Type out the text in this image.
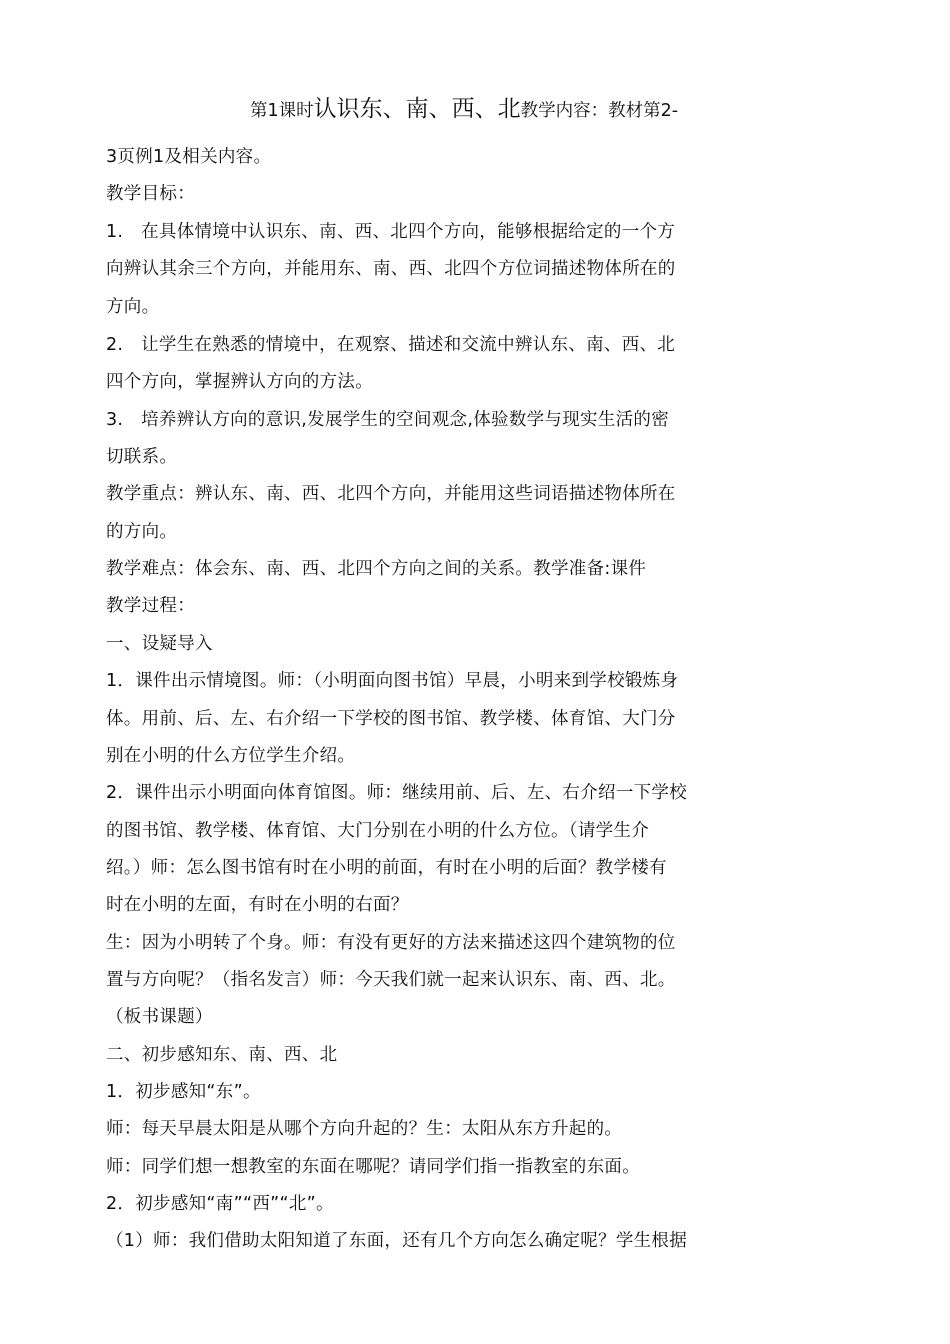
第1课时认识东、南、西、北教学内容：教材第2-
3页例1及相关内容。
教学目标：
1.　在具体情境中认识东、南、西、北四个方向，能够根据给定的一个方
向辨认其余三个方向，并能用东、南、西、北四个方位词描述物体所在的
方向。
2.　让学生在熟悉的情境中，在观察、描述和交流中辨认东、南、西、北
四个方向，掌握辨认方向的方法。
3.　培养辨认方向的意识,发展学生的空间观念,体验数学与现实生活的密
切联系。
教学重点：辨认东、南、西、北四个方向，并能用这些词语描述物体所在
的方向。
教学难点：体会东、南、西、北四个方向之间的关系。教学准备:课件
教学过程：
一、设疑导入
1．课件出示情境图。师：（小明面向图书馆）早晨，小明来到学校锻炼身
体。用前、后、左、右介绍一下学校的图书馆、教学楼、体育馆、大门分
别在小明的什么方位学生介绍。
2．课件出示小明面向体育馆图。师：继续用前、后、左、右介绍一下学校
的图书馆、教学楼、体育馆、大门分别在小明的什么方位。（请学生介
绍。）师：怎么图书馆有时在小明的前面，有时在小明的后面？教学楼有
时在小明的左面，有时在小明的右面？
生：因为小明转了个身。师：有没有更好的方法来描述这四个建筑物的位
置与方向呢？（指名发言）师：今天我们就一起来认识东、南、西、北。
（板书课题）
二、初步感知东、南、西、北
1．初步感知“东”。
师：每天早晨太阳是从哪个方向升起的？生：太阳从东方升起的。
师：同学们想一想教室的东面在哪呢？请同学们指一指教室的东面。
2．初步感知“南”“西”“北”。
（1）师：我们借助太阳知道了东面，还有几个方向怎么确定呢？学生根据
